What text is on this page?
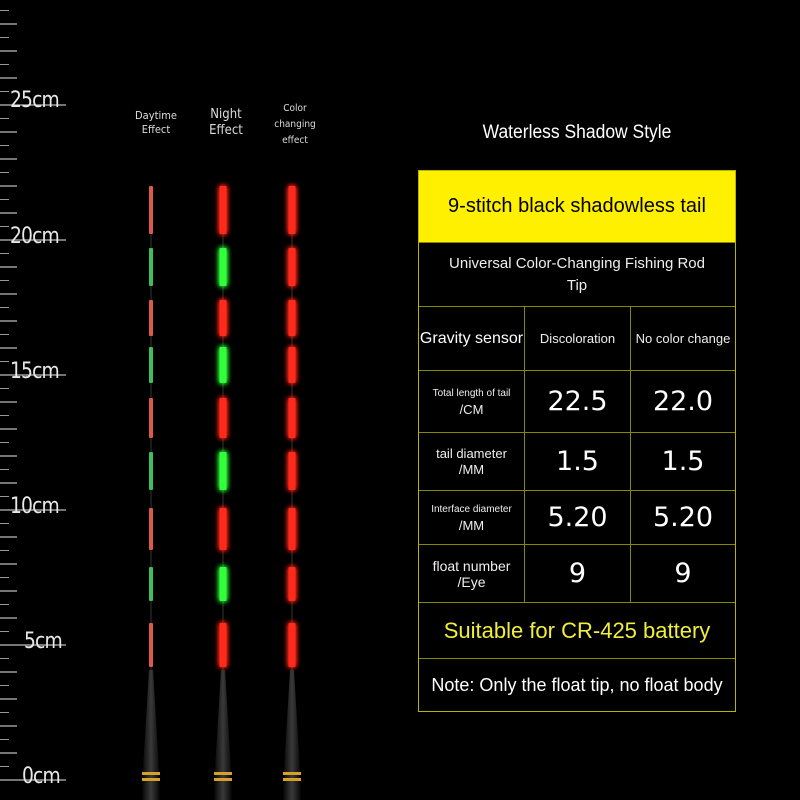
25cm
20cm
15cm
10cm
5cm
0cm
Daytime
Effect
Night
Effect
Color
changing
effect	Waterless Shadow Style
9-stitch black shadowless tail
Universal Color-Changing Fishing Rod Tip
Gravity sensor	Discoloration	No color change
Total length of tail
/CM	22.5	22.0
tail diameter
/MM	1.5	1.5
Interface diameter
/MM	5.20	5.20
float number
/Eye	9	9
Suitable for CR-425 battery
Note: Only the float tip, no float body
